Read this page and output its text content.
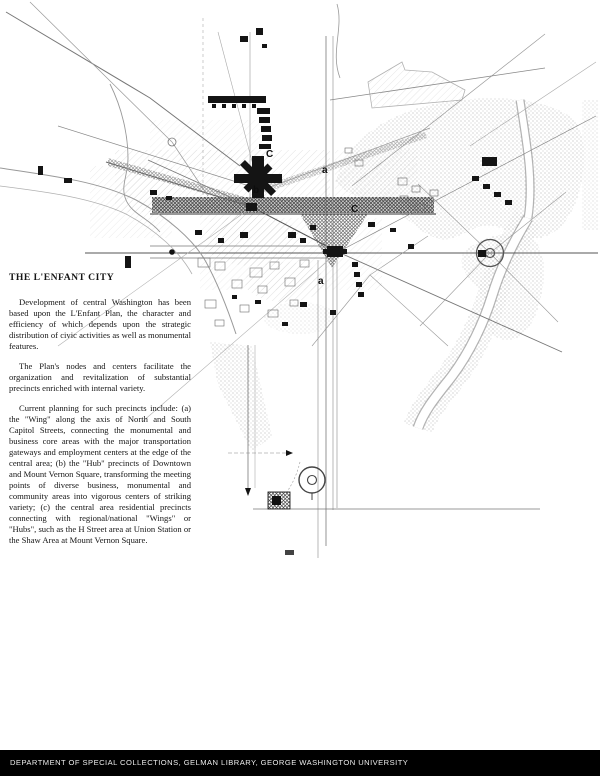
C
a
b
C
a
THE L'ENFANT CITY

Development of central Washington has been based upon the L'Enfant Plan, the character and efficiency of which depends upon the strategic distribution of civic activities as well as monumental features.

The Plan's nodes and centers facilitate the organization and revitalization of substantial precincts enriched with internal variety.

Current planning for such precincts include: (a) the "Wing" along the axis of North and South Capitol Streets, connecting the monumental and business core areas with the major transportation gateways and employment centers at the edge of the central area; (b) the "Hub" precincts of Downtown and Mount Vernon Square, transforming the meeting points of diverse business, monumental and community areas into vigorous centers of striking variety; (c) the central area residential precincts connecting with regional/national "Wings" or "Hubs", such as the H Street area at Union Station or the Shaw Area at Mount Vernon Square.

DEPARTMENT OF SPECIAL COLLECTIONS, GELMAN LIBRARY, GEORGE WASHINGTON UNIVERSITY
